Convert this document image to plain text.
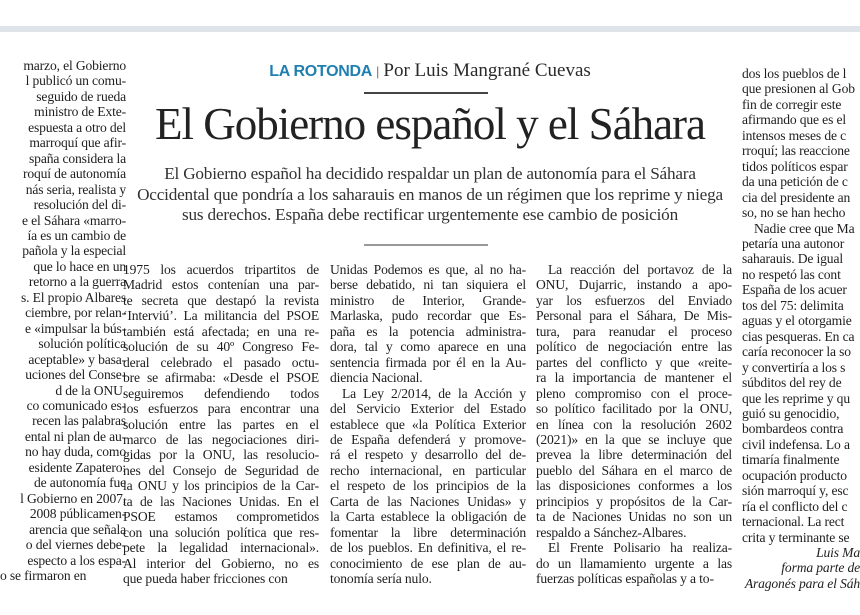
LA ROTONDA | Por Luis Mangrané Cuevas
El Gobierno español y el Sáhara

El Gobierno español ha decidido respaldar un plan de autonomía para el Sáhara Occidental que pondría a los saharauis en manos de un régimen que los reprime y niega sus derechos. España debe rectificar urgentemente ese cambio de posición

marzo, el Gobierno
l publicó un comu-
seguido de rueda
ministro de Exte-
espuesta a otro del
marroquí que afir-
spaña considera la
roquí de autonomía
nás seria, realista y
resolución del di-
e el Sáhara «marro-
ía es un cambio de
pañola y la especial
que lo hace en un
retorno a la guerra
s. El propio Albares
ciembre, por relan-
e «impulsar la bús-
solución política
aceptable» y basa-
uciones del Conse-
d de la ONU.
co comunicado es-
recen las palabras
ental ni plan de au-
no hay duda, como
esidente Zapatero:
de autonomía fue
l Gobierno en 2007,
2008 públicamen-
arencia que señala
o del viernes debe-
especto a los espa-
o se firmaron en
1975 los acuerdos tripartitos de
Madrid estos contenían una par-
te secreta que destapó la revista
‘Interviú’. La militancia del PSOE
también está afectada; en una re-
solución de su 40º Congreso Fe-
deral celebrado el pasado octu-
bre se afirmaba: «Desde el PSOE
seguiremos defendiendo todos
los esfuerzos para encontrar una
solución entre las partes en el
marco de las negociaciones diri-
gidas por la ONU, las resolucio-
nes del Consejo de Seguridad de
la ONU y los principios de la Car-
ta de las Naciones Unidas. En el
PSOE estamos comprometidos
con una solución política que res-
pete la legalidad internacional».
Al interior del Gobierno, no es
que pueda haber fricciones con
Unidas Podemos es que, al no ha-
berse debatido, ni tan siquiera el
ministro de Interior, Grande-
Marlaska, pudo recordar que Es-
paña es la potencia administra-
dora, tal y como aparece en una
sentencia firmada por él en la Au-
diencia Nacional.
La Ley 2/2014, de la Acción y
del Servicio Exterior del Estado
establece que «la Política Exterior
de España defenderá y promove-
rá el respeto y desarrollo del de-
recho internacional, en particular
el respeto de los principios de la
Carta de las Naciones Unidas» y
la Carta establece la obligación de
fomentar la libre determinación
de los pueblos. En definitiva, el re-
conocimiento de ese plan de au-
tonomía sería nulo.
La reacción del portavoz de la
ONU, Dujarric, instando a apo-
yar los esfuerzos del Enviado
Personal para el Sáhara, De Mis-
tura, para reanudar el proceso
político de negociación entre las
partes del conflicto y que «reite-
ra la importancia de mantener el
pleno compromiso con el proce-
so político facilitado por la ONU,
en línea con la resolución 2602
(2021)» en la que se incluye que
prevea la libre determinación del
pueblo del Sáhara en el marco de
las disposiciones conformes a los
principios y propósitos de la Car-
ta de Naciones Unidas no son un
respaldo a Sánchez-Albares.
El Frente Polisario ha realiza-
do un llamamiento urgente a las
fuerzas políticas españolas y a to-
dos los pueblos de l
que presionen al Gob
fin de corregir este
afirmando que es el
intensos meses de c
rroquí; las reaccione
tidos políticos espar
da una petición de c
cia del presidente an
so, no se han hecho
Nadie cree que Ma
petaría una autonor
saharauis. De igual
no respetó las cont
España de los acuer
tos del 75: delimita
aguas y el otorgamie
cias pesqueras. En ca
caría reconocer la so
y convertiría a los s
súbditos del rey de
que les reprime y qu
guió su genocidio,
bombardeos contra
civil indefensa. Lo a
timaría finalmente
ocupación producto
sión marroquí y, esc
ría el conflicto del c
ternacional. La rect
crita y terminante se
Luis Ma
forma parte de
Aragonés para el Sáh
